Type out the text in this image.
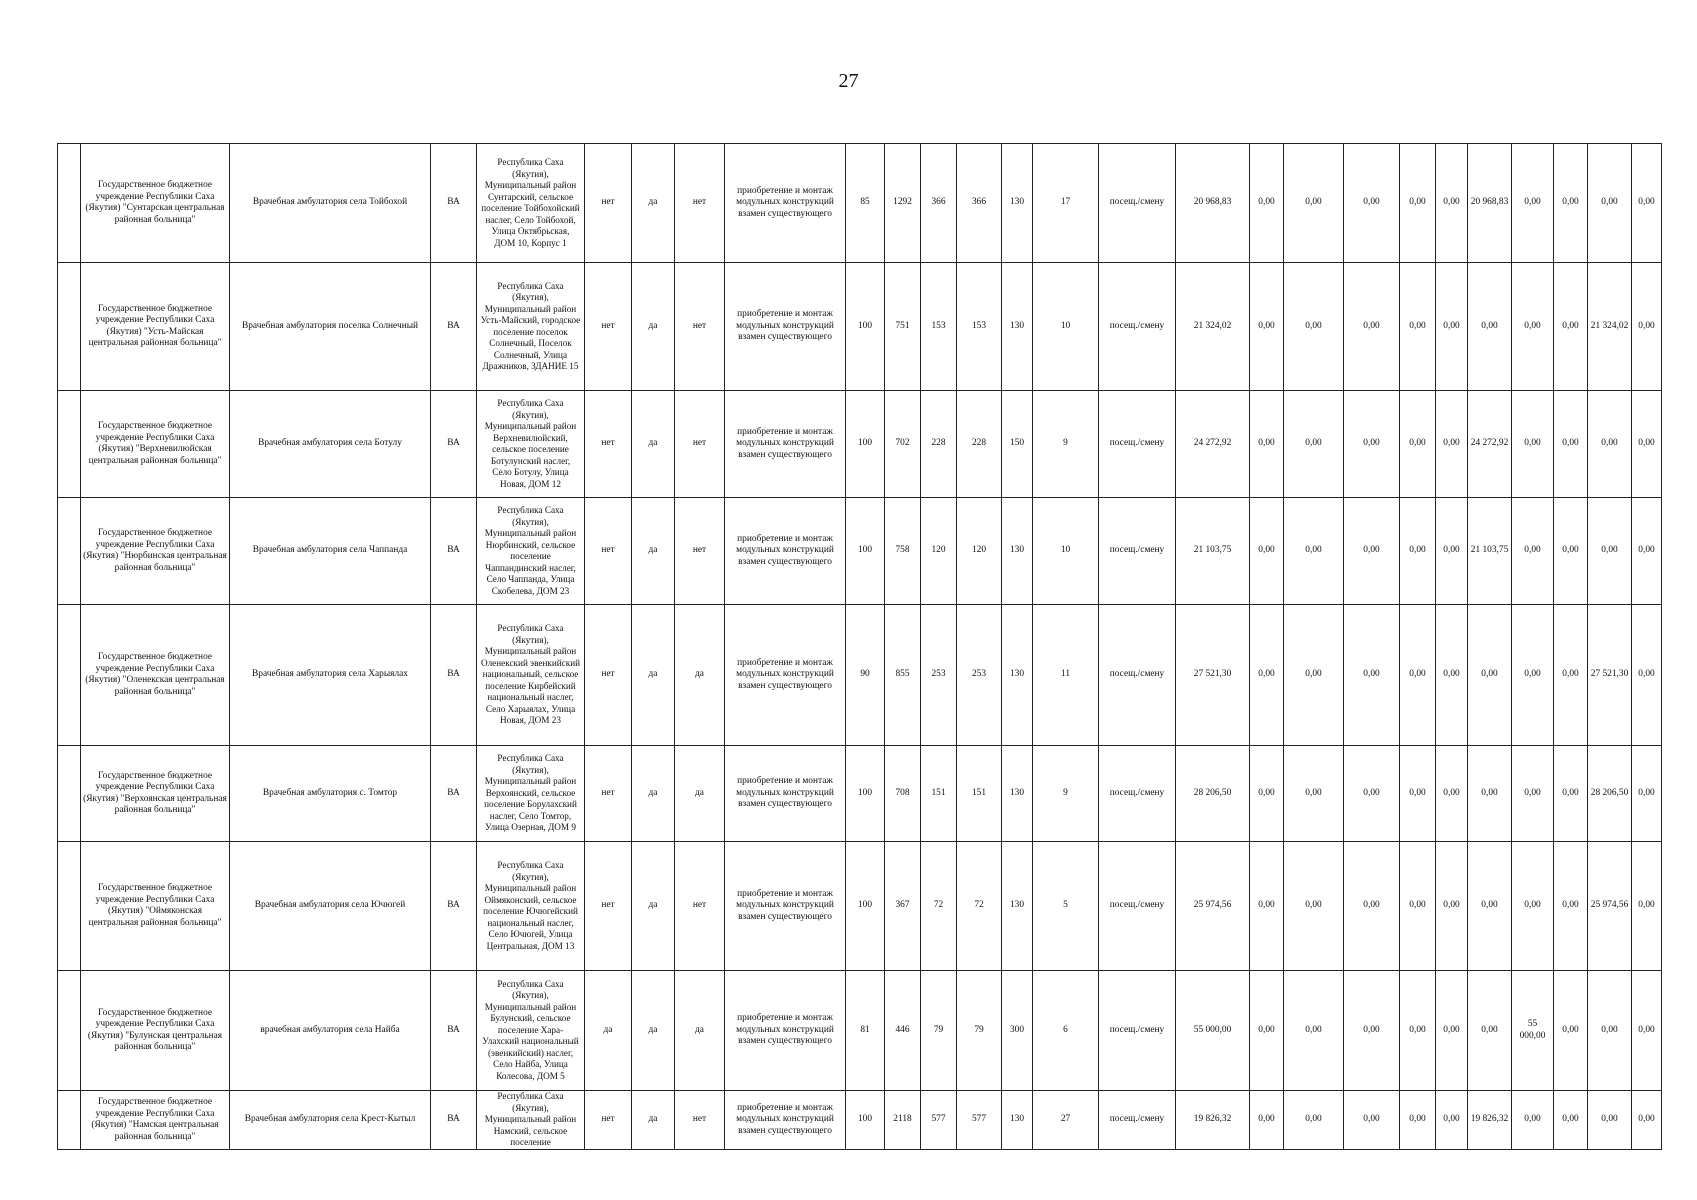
27
	Государственное бюджетное учреждение Республики Саха (Якутия) "Сунтарская центральная районная больница"	Врачебная амбулатория села Тойбохой	ВА	Республика Саха (Якутия), Муниципальный район Сунтарский, сельское поселение Тойбохойский наслег, Село Тойбохой, Улица Октябрьская, ДОМ 10, Корпус 1	нет	да	нет	приобретение и монтаж модульных конструкций взамен существующего	85	1292	366	366	130	17	посещ./смену	20 968,83	0,00	0,00	0,00	0,00	0,00	20 968,83	0,00	0,00	0,00	0,00
	Государственное бюджетное учреждение Республики Саха (Якутия) "Усть-Майская центральная районная больница"	Врачебная амбулатория поселка Солнечный	ВА	Республика Саха (Якутия), Муниципальный район Усть-Майский, городское поселение поселок Солнечный, Поселок Солнечный, Улица Дражников, ЗДАНИЕ 15	нет	да	нет	приобретение и монтаж модульных конструкций взамен существующего	100	751	153	153	130	10	посещ./смену	21 324,02	0,00	0,00	0,00	0,00	0,00	0,00	0,00	0,00	21 324,02	0,00
	Государственное бюджетное учреждение Республики Саха (Якутия) "Верхневилюйская центральная районная больница"	Врачебная амбулатория села Ботулу	ВА	Республика Саха (Якутия), Муниципальный район Верхневилюйский, сельское поселение Ботулунский наслег, Село Ботулу, Улица Новая, ДОМ 12	нет	да	нет	приобретение и монтаж модульных конструкций взамен существующего	100	702	228	228	150	9	посещ./смену	24 272,92	0,00	0,00	0,00	0,00	0,00	24 272,92	0,00	0,00	0,00	0,00
	Государственное бюджетное учреждение Республики Саха (Якутия) "Нюрбинская центральная районная больница"	Врачебная амбулатория села Чаппанда	ВА	Республика Саха (Якутия), Муниципальный район Нюрбинский, сельское поселение Чаппандинский наслег, Село Чаппанда, Улица Скобелева, ДОМ 23	нет	да	нет	приобретение и монтаж модульных конструкций взамен существующего	100	758	120	120	130	10	посещ./смену	21 103,75	0,00	0,00	0,00	0,00	0,00	21 103,75	0,00	0,00	0,00	0,00
	Государственное бюджетное учреждение Республики Саха (Якутия) "Оленекская центральная районная больница"	Врачебная амбулатория села Харыялах	ВА	Республика Саха (Якутия), Муниципальный район Оленекский эвенкийский национальный, сельское поселение Кирбейский национальный наслег, Село Харыялах, Улица Новая, ДОМ 23	нет	да	да	приобретение и монтаж модульных конструкций взамен существующего	90	855	253	253	130	11	посещ./смену	27 521,30	0,00	0,00	0,00	0,00	0,00	0,00	0,00	0,00	27 521,30	0,00
	Государственное бюджетное учреждение Республики Саха (Якутия) "Верхоянская центральная районная больница"	Врачебная амбулатория с. Томтор	ВА	Республика Саха (Якутия), Муниципальный район Верхоянский, сельское поселение Борулахский наслег, Село Томтор, Улица Озерная, ДОМ 9	нет	да	да	приобретение и монтаж модульных конструкций взамен существующего	100	708	151	151	130	9	посещ./смену	28 206,50	0,00	0,00	0,00	0,00	0,00	0,00	0,00	0,00	28 206,50	0,00
	Государственное бюджетное учреждение Республики Саха (Якутия) "Оймяконская центральная районная больница"	Врачебная амбулатория села Ючюгей	ВА	Республика Саха (Якутия), Муниципальный район Оймяконский, сельское поселение Ючюгейский национальный наслег, Село Ючюгей, Улица Центральная, ДОМ 13	нет	да	нет	приобретение и монтаж модульных конструкций взамен существующего	100	367	72	72	130	5	посещ./смену	25 974,56	0,00	0,00	0,00	0,00	0,00	0,00	0,00	0,00	25 974,56	0,00
	Государственное бюджетное учреждение Республики Саха (Якутия) "Булунская центральная районная больница"	врачебная амбулатория села Найба	ВА	Республика Саха (Якутия), Муниципальный район Булунский, сельское поселение Хара-Улахский национальный (эвенкийский) наслег, Село Найба, Улица Колесова, ДОМ 5	да	да	да	приобретение и монтаж модульных конструкций взамен существующего	81	446	79	79	300	6	посещ./смену	55 000,00	0,00	0,00	0,00	0,00	0,00	0,00	55 000,00	0,00	0,00	0,00
	Государственное бюджетное учреждение Республики Саха (Якутия) "Намская центральная районная больница"	Врачебная амбулатория села Крест-Кытыл	ВА	Республика Саха (Якутия), Муниципальный район Намский, сельское поселение	нет	да	нет	приобретение и монтаж модульных конструкций взамен существующего	100	2118	577	577	130	27	посещ./смену	19 826,32	0,00	0,00	0,00	0,00	0,00	19 826,32	0,00	0,00	0,00	0,00
